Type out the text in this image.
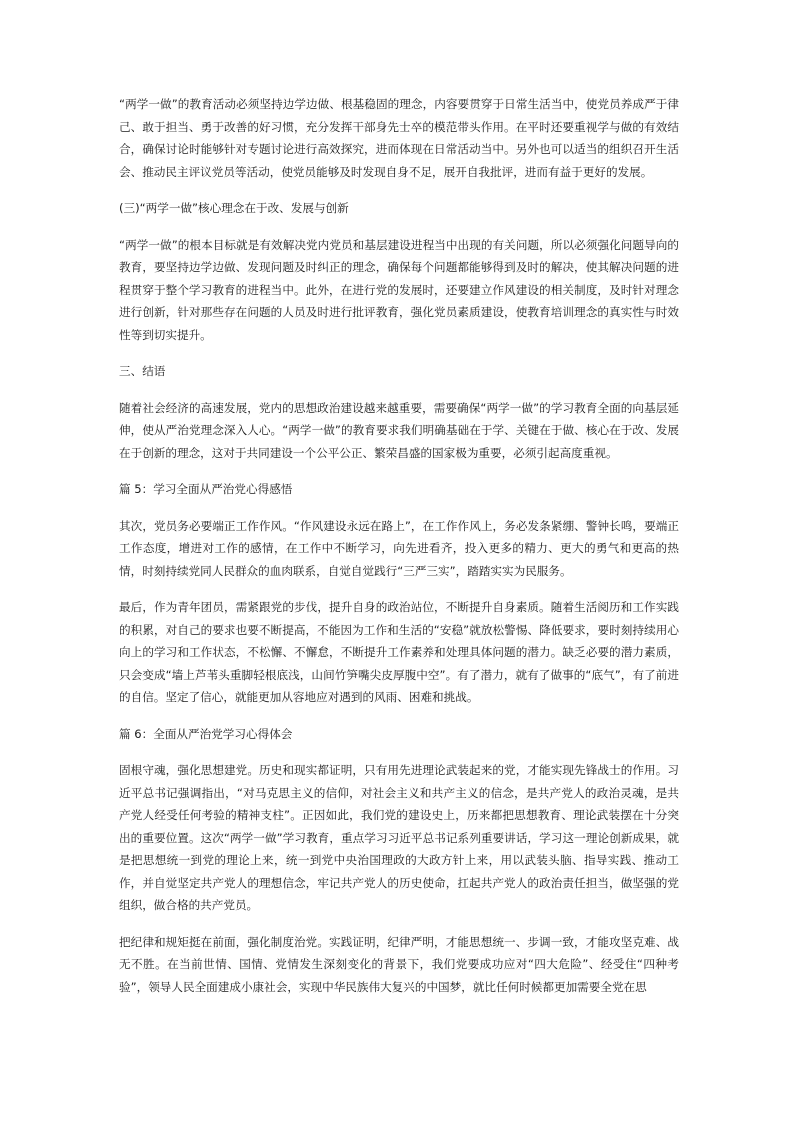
“两学一做”的教育活动必须坚持边学边做、根基稳固的理念，内容要贯穿于日常生活当中，使党员养成严于律己、敢于担当、勇于改善的好习惯，充分发挥干部身先士卒的模范带头作用。在平时还要重视学与做的有效结合，确保讨论时能够针对专题讨论进行高效探究，进而体现在日常活动当中。另外也可以适当的组织召开生活会、推动民主评议党员等活动，使党员能够及时发现自身不足，展开自我批评，进而有益于更好的发展。

(三)“两学一做”核心理念在于改、发展与创新

“两学一做”的根本目标就是有效解决党内党员和基层建设进程当中出现的有关问题，所以必须强化问题导向的教育，要坚持边学边做、发现问题及时纠正的理念，确保每个问题都能够得到及时的解决，使其解决问题的进程贯穿于整个学习教育的进程当中。此外，在进行党的发展时，还要建立作风建设的相关制度，及时针对理念进行创新，针对那些存在问题的人员及时进行批评教育，强化党员素质建设，使教育培训理念的真实性与时效性等到切实提升。

三、结语

随着社会经济的高速发展，党内的思想政治建设越来越重要，需要确保“两学一做”的学习教育全面的向基层延伸，使从严治党理念深入人心。“两学一做”的教育要求我们明确基础在于学、关键在于做、核心在于改、发展在于创新的理念，这对于共同建设一个公平公正、繁荣昌盛的国家极为重要，必须引起高度重视。

篇 5：学习全面从严治党心得感悟

其次，党员务必要端正工作作风。“作风建设永远在路上”，在工作作风上，务必发条紧绷、警钟长鸣，要端正工作态度，增进对工作的感情，在工作中不断学习，向先进看齐，投入更多的精力、更大的勇气和更高的热情，时刻持续党同人民群众的血肉联系，自觉自觉践行“三严三实”，踏踏实实为民服务。

最后，作为青年团员，需紧跟党的步伐，提升自身的政治站位，不断提升自身素质。随着生活阅历和工作实践的积累，对自己的要求也要不断提高，不能因为工作和生活的“安稳”就放松警惕、降低要求，要时刻持续用心向上的学习和工作状态，不松懈、不懈怠，不断提升工作素养和处理具体问题的潜力。缺乏必要的潜力素质，只会变成“墙上芦苇头重脚轻根底浅，山间竹笋嘴尖皮厚腹中空”。有了潜力，就有了做事的“底气”，有了前进的自信。坚定了信心，就能更加从容地应对遇到的风雨、困难和挑战。

篇 6：全面从严治党学习心得体会

固根守魂，强化思想建党。历史和现实都证明，只有用先进理论武装起来的党，才能实现先锋战士的作用。习近平总书记强调指出，“对马克思主义的信仰，对社会主义和共产主义的信念，是共产党人的政治灵魂，是共产党人经受任何考验的精神支柱”。正因如此，我们党的建设史上，历来都把思想教育、理论武装摆在十分突出的重要位置。这次“两学一做”学习教育，重点学习习近平总书记系列重要讲话，学习这一理论创新成果，就是把思想统一到党的理论上来，统一到党中央治国理政的大政方针上来，用以武装头脑、指导实践、推动工作，并自觉坚定共产党人的理想信念，牢记共产党人的历史使命，扛起共产党人的政治责任担当，做坚强的党组织，做合格的共产党员。

把纪律和规矩挺在前面，强化制度治党。实践证明，纪律严明，才能思想统一、步调一致，才能攻坚克难、战无不胜。在当前世情、国情、党情发生深刻变化的背景下，我们党要成功应对“四大危险”、经受住“四种考验”，领导人民全面建成小康社会，实现中华民族伟大复兴的中国梦，就比任何时候都更加需要全党在思
